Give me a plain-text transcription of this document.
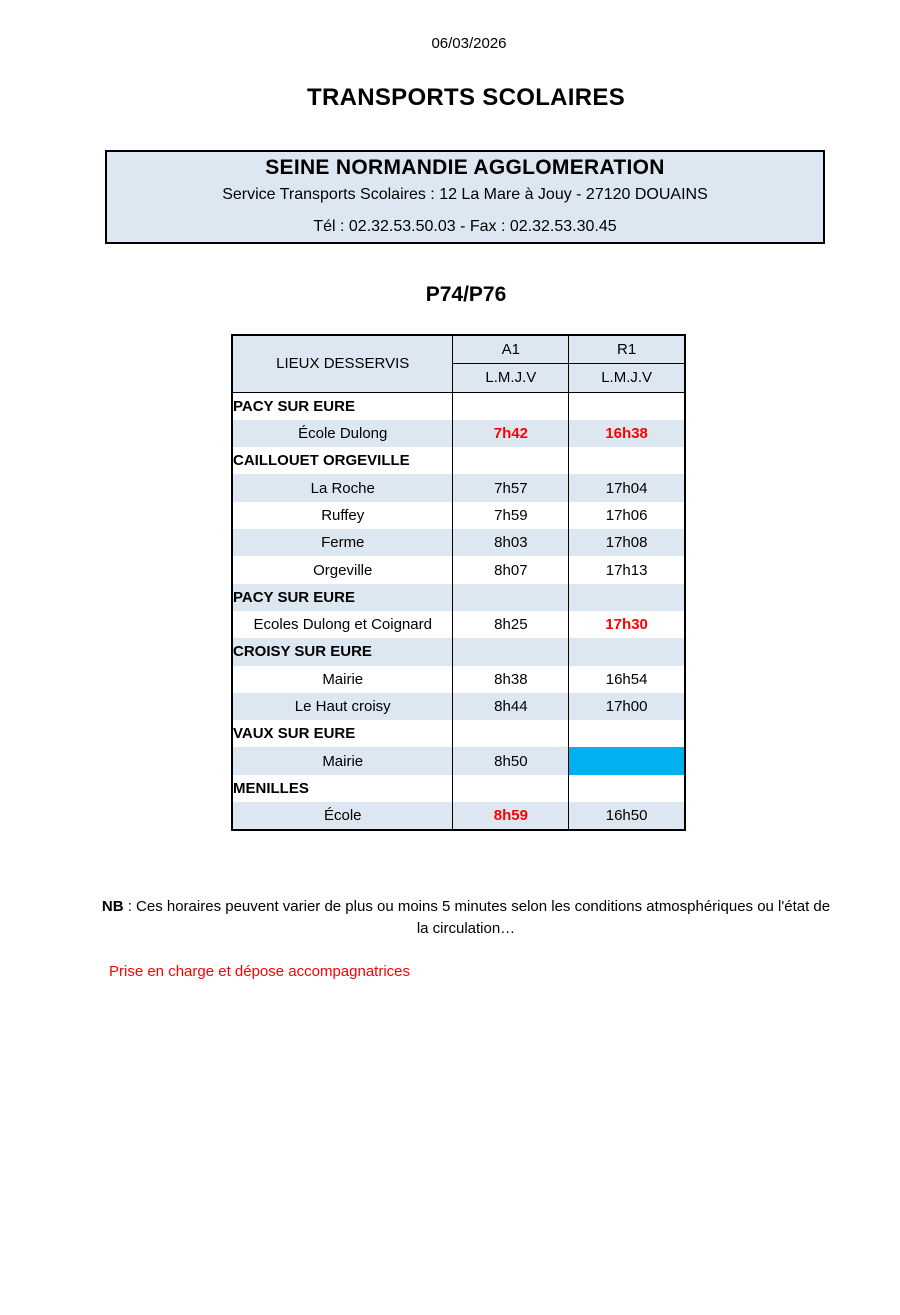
06/03/2026
TRANSPORTS SCOLAIRES
SEINE NORMANDIE AGGLOMERATION
Service Transports Scolaires : 12 La Mare à Jouy - 27120 DOUAINS
Tél : 02.32.53.50.03 - Fax : 02.32.53.30.45
P74/P76
LIEUX DESSERVIS	A1	R1
	L.M.J.V	L.M.J.V
PACY SUR EURE		
École Dulong	7h42	16h38
CAILLOUET ORGEVILLE		
La Roche	7h57	17h04
Ruffey	7h59	17h06
Ferme	8h03	17h08
Orgeville	8h07	17h13
PACY SUR EURE		
Ecoles Dulong et Coignard	8h25	17h30
CROISY SUR EURE		
Mairie	8h38	16h54
Le Haut croisy	8h44	17h00
VAUX SUR EURE		
Mairie	8h50	
MENILLES		
École	8h59	16h50
NB : Ces horaires peuvent varier de plus ou moins 5 minutes selon les conditions atmosphériques ou l'état de la circulation…
Prise en charge et dépose accompagnatrices
